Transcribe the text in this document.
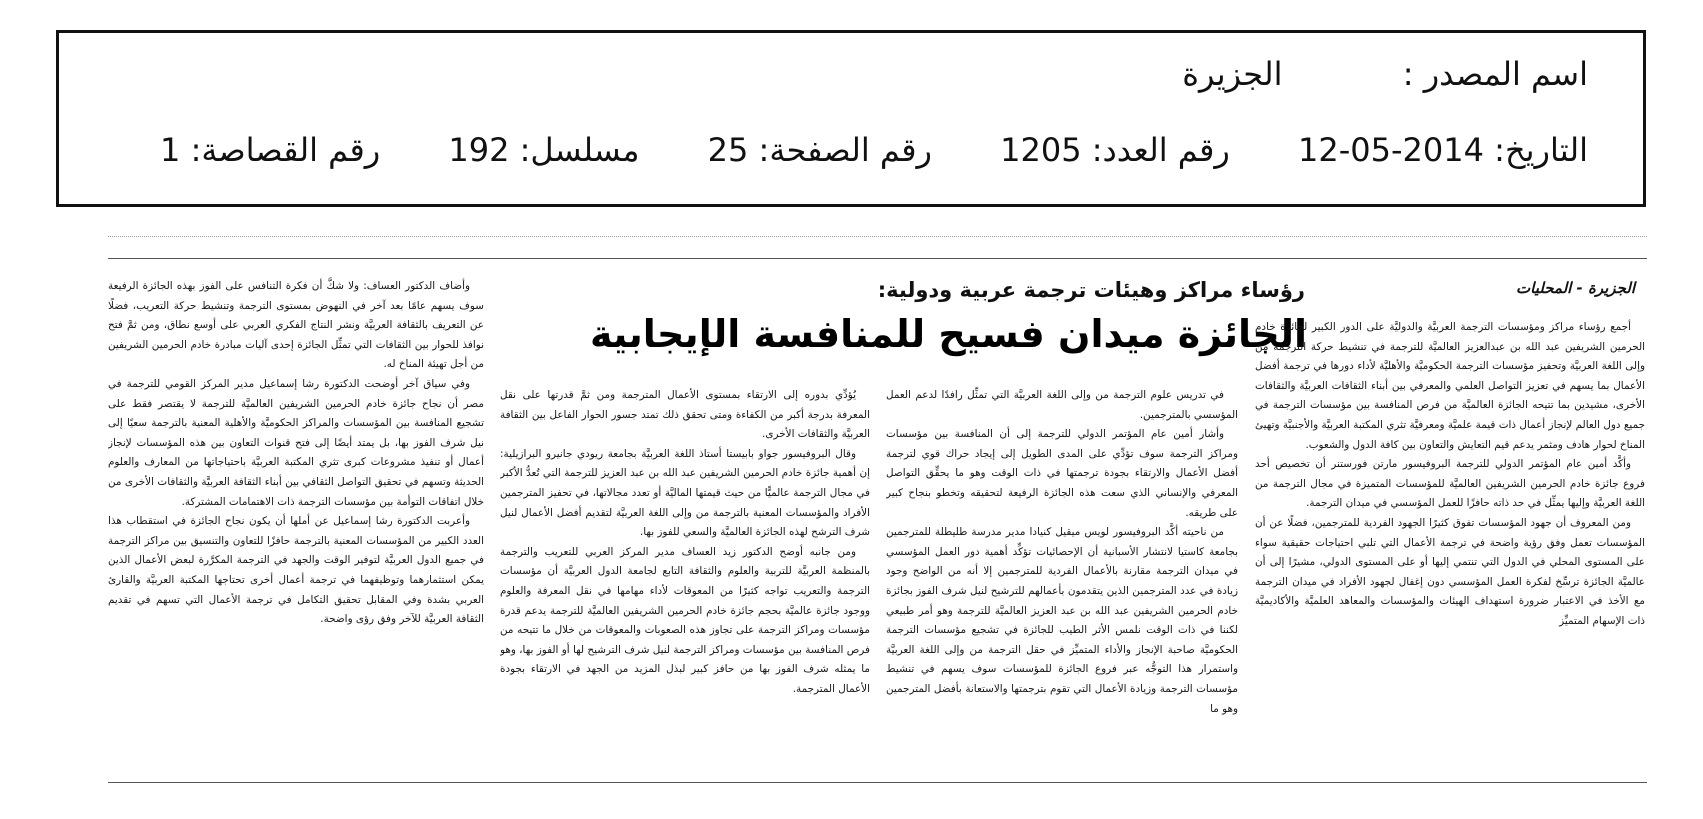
اسم المصدر : الجزيرة
التاريخ: 2014-05-12 رقم العدد: 1205 رقم الصفحة: 25 مسلسل: 192 رقم القصاصة: 1
الجزيرة - المحليات
رؤساء مراكز وهيئات ترجمة عربية ودولية:
الجائزة ميدان فسيح للمنافسة الإيجابية

أجمع رؤساء مراكز ومؤسسات الترجمة العربيَّة والدوليَّة على الدور الكبير لجائزة خادم الحرمين الشريفين عبد الله بن عبدالعزيز العالميَّة للترجمة في تنشيط حركة الترجمة من وإلى اللغة العربيَّة وتحفيز مؤسسات الترجمة الحكوميَّة والأهليَّة لأداء دورها في ترجمة أفضل الأعمال بما يسهم في تعزيز التواصل العلمي والمعرفي بين أبناء الثقافات العربيَّة والثقافات الأخرى، مشيدين بما تتيحه الجائزة العالميَّة من فرص المنافسة بين مؤسسات الترجمة في جميع دول العالم لإنجاز أعمال ذات قيمة علميَّة ومعرفيَّة تثري المكتبة العربيَّة والأجنبيَّة وتهيئ المناخ لحوار هادف ومثمر يدعم قيم التعايش والتعاون بين كافة الدول والشعوب.

وأكَّد أمين عام المؤتمر الدولي للترجمة البروفيسور مارتن فورستنر أن تخصيص أحد فروع جائزة خادم الحرمين الشريفين العالميَّة للمؤسسات المتميزة في مجال الترجمة من اللغة العربيَّة وإليها يمثِّل في حد ذاته حافزًا للعمل المؤسسي في ميدان الترجمة.

ومن المعروف أن جهود المؤسسات تفوق كثيرًا الجهود الفردية للمترجمين، فضلًا عن أن المؤسسات تعمل وفق رؤية واضحة في ترجمة الأعمال التي تلبي احتياجات حقيقية سواء على المستوى المحلي في الدول التي تنتمي إليها أو على المستوى الدولي، مشيرًا إلى أن عالميَّة الجائزة ترسِّخ لفكرة العمل المؤسسي دون إغفال لجهود الأفراد في ميدان الترجمة مع الأخذ في الاعتبار ضرورة استهداف الهيئات والمؤسسات والمعاهد العلميَّة والأكاديميَّة ذات الإسهام المتميِّز

في تدريس علوم الترجمة من وإلى اللغة العربيَّة التي تمثِّل رافدًا لدعم العمل المؤسسي بالمترجمين.

وأشار أمين عام المؤتمر الدولي للترجمة إلى أن المنافسة بين مؤسسات ومراكز الترجمة سوف تؤدِّي على المدى الطويل إلى إيجاد حراك قوي لترجمة أفضل الأعمال والارتقاء بجودة ترجمتها في ذات الوقت وهو ما يحقِّق التواصل المعرفي والإنساني الذي سعت هذه الجائزة الرفيعة لتحقيقه وتخطو بنجاح كبير على طريقه.

من ناحيته أكَّد البروفيسور لويس ميقيل كنيادا مدير مدرسة طليطلة للمترجمين بجامعة كاستيا لانتشار الأسبانية أن الإحصائيات تؤكِّد أهمية دور العمل المؤسسي في ميدان الترجمة مقارنة بالأعمال الفردية للمترجمين إلا أنه من الواضح وجود زيادة في عدد المترجمين الذين يتقدمون بأعمالهم للترشيح لنيل شرف الفوز بجائزة خادم الحرمين الشريفين عبد الله بن عبد العزيز العالميَّة للترجمة وهو أمر طبيعي لكننا في ذات الوقت نلمس الأثر الطيب للجائزة في تشجيع مؤسسات الترجمة الحكوميَّة صاحبة الإنجاز والأداء المتميِّز في حقل الترجمة من وإلى اللغة العربيَّة واستمرار هذا التوجُّه عبر فروع الجائزة للمؤسسات سوف يسهم في تنشيط مؤسسات الترجمة وزيادة الأعمال التي تقوم بترجمتها والاستعانة بأفضل المترجمين وهو ما

يُؤدِّي بدوره إلى الارتقاء بمستوى الأعمال المترجمة ومن ثمَّ قدرتها على نقل المعرفة بدرجة أكبر من الكفاءة ومتى تحقق ذلك تمتد جسور الحوار الفاعل بين الثقافة العربيَّة والثقافات الأخرى.

وقال البروفيسور جواو بابيستا أستاذ اللغة العربيَّة بجامعة ريودي جانيرو البرازيلية: إن أهمية جائزة خادم الحرمين الشريفين عبد الله بن عبد العزيز للترجمة التي تُعدُّ الأكبر في مجال الترجمة عالميًّا من حيث قيمتها الماليَّة أو تعدد مجالاتها، في تحفيز المترجمين الأفراد والمؤسسات المعنية بالترجمة من وإلى اللغة العربيَّة لتقديم أفضل الأعمال لنيل شرف الترشح لهذه الجائزة العالميَّة والسعي للفوز بها.

ومن جانبه أوضح الدكتور زيد العساف مدير المركز العربي للتعريب والترجمة بالمنظمة العربيَّة للتربية والعلوم والثقافة التابع لجامعة الدول العربيَّة أن مؤسسات الترجمة والتعريب تواجه كثيرًا من المعوقات لأداء مهامها في نقل المعرفة والعلوم ووجود جائزة عالميَّة بحجم جائزة خادم الحرمين الشريفين العالميَّة للترجمة يدعم قدرة مؤسسات ومراكز الترجمة على تجاوز هذه الصعوبات والمعوقات من خلال ما تتيحه من فرص المنافسة بين مؤسسات ومراكز الترجمة لنيل شرف الترشيح لها أو الفوز بها، وهو ما يمثله شرف الفوز بها من حافز كبير لبذل المزيد من الجهد في الارتقاء بجودة الأعمال المترجمة.

وأضاف الدكتور العساف: ولا شكَّ أن فكرة التنافس على الفوز بهذه الجائزة الرفيعة سوف يسهم عامًا بعد آخر في النهوض بمستوى الترجمة وتنشيط حركة التعريب، فضلًا عن التعريف بالثقافة العربيَّة ونشر النتاج الفكري العربي على أوسع نطاق، ومن ثمَّ فتح نوافذ للحوار بين الثقافات التي تمثِّل الجائزة إحدى آليات مبادرة خادم الحرمين الشريفين من أجل تهيئة المناخ له.

وفي سياق آخر أوضحت الدكتورة رشا إسماعيل مدير المركز القومي للترجمة في مصر أن نجاح جائزة خادم الحرمين الشريفين العالميَّة للترجمة لا يقتصر فقط على تشجيع المنافسة بين المؤسسات والمراكز الحكوميَّة والأهلية المعنية بالترجمة سعيًا إلى نيل شرف الفوز بها، بل يمتد أيضًا إلى فتح قنوات التعاون بين هذه المؤسسات لإنجاز أعمال أو تنفيذ مشروعات كبرى تثري المكتبة العربيَّة باحتياجاتها من المعارف والعلوم الحديثة وتسهم في تحقيق التواصل الثقافي بين أبناء الثقافة العربيَّة والثقافات الأخرى من خلال اتفاقات التوأمة بين مؤسسات الترجمة ذات الاهتمامات المشتركة.

وأعربت الدكتورة رشا إسماعيل عن أملها أن يكون نجاح الجائزة في استقطاب هذا العدد الكبير من المؤسسات المعنية بالترجمة حافزًا للتعاون والتنسيق بين مراكز الترجمة في جميع الدول العربيَّة لتوفير الوقت والجهد في الترجمة المكرَّرة لبعض الأعمال الذين يمكن استثمارهما وتوظيفهما في ترجمة أعمال أخرى تحتاجها المكتبة العربيَّة والقارئ العربي بشدة وفي المقابل تحقيق التكامل في ترجمة الأعمال التي تسهم في تقديم الثقافة العربيَّة للآخر وفق رؤى واضحة.
